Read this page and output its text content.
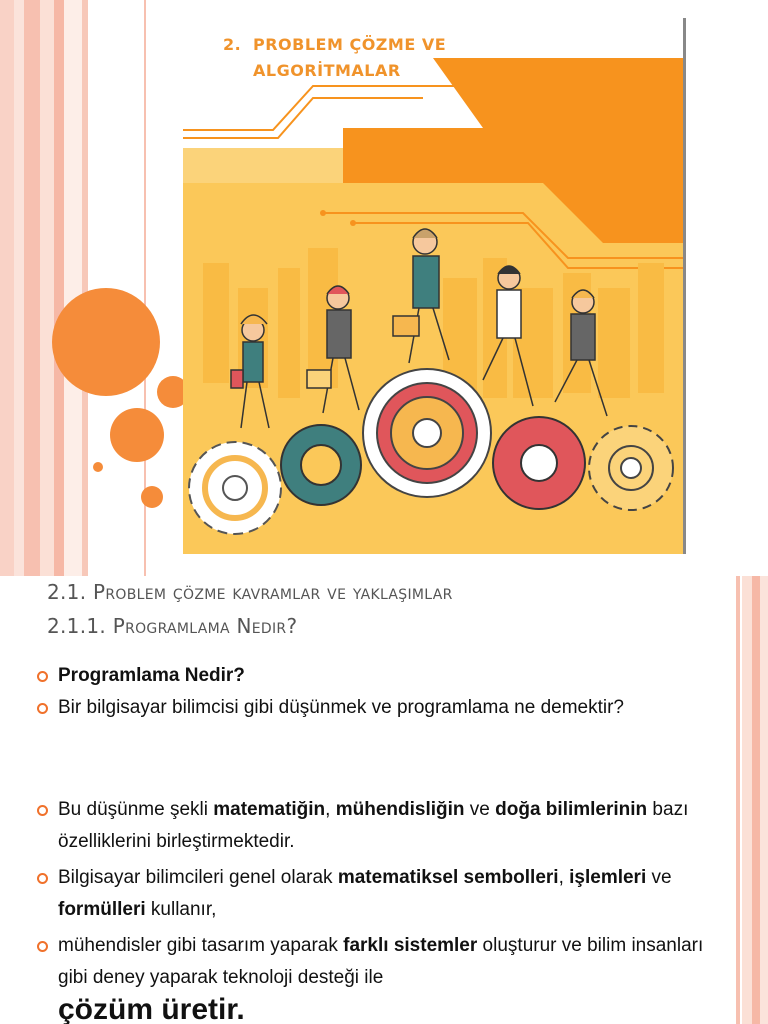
2. PROBLEM ÇÖZME VE
ALGORİTMALAR
2.1. Problem çözme kavramlar ve yaklaşımlar
2.1.1. Programlama Nedir?
Programlama Nedir?
Bir bilgisayar bilimcisi gibi düşünmek ve programlama ne demektir?
Bu düşünme şekli matematiğin, mühendisliğin ve doğa bilimlerinin bazı özelliklerini birleştirmektedir.
Bilgisayar bilimcileri genel olarak matematiksel sembolleri, işlemleri ve formülleri kullanır,
mühendisler gibi tasarım yaparak farklı sistemler oluşturur ve bilim insanları gibi deney yaparak teknoloji desteği ile
çözüm üretir.
